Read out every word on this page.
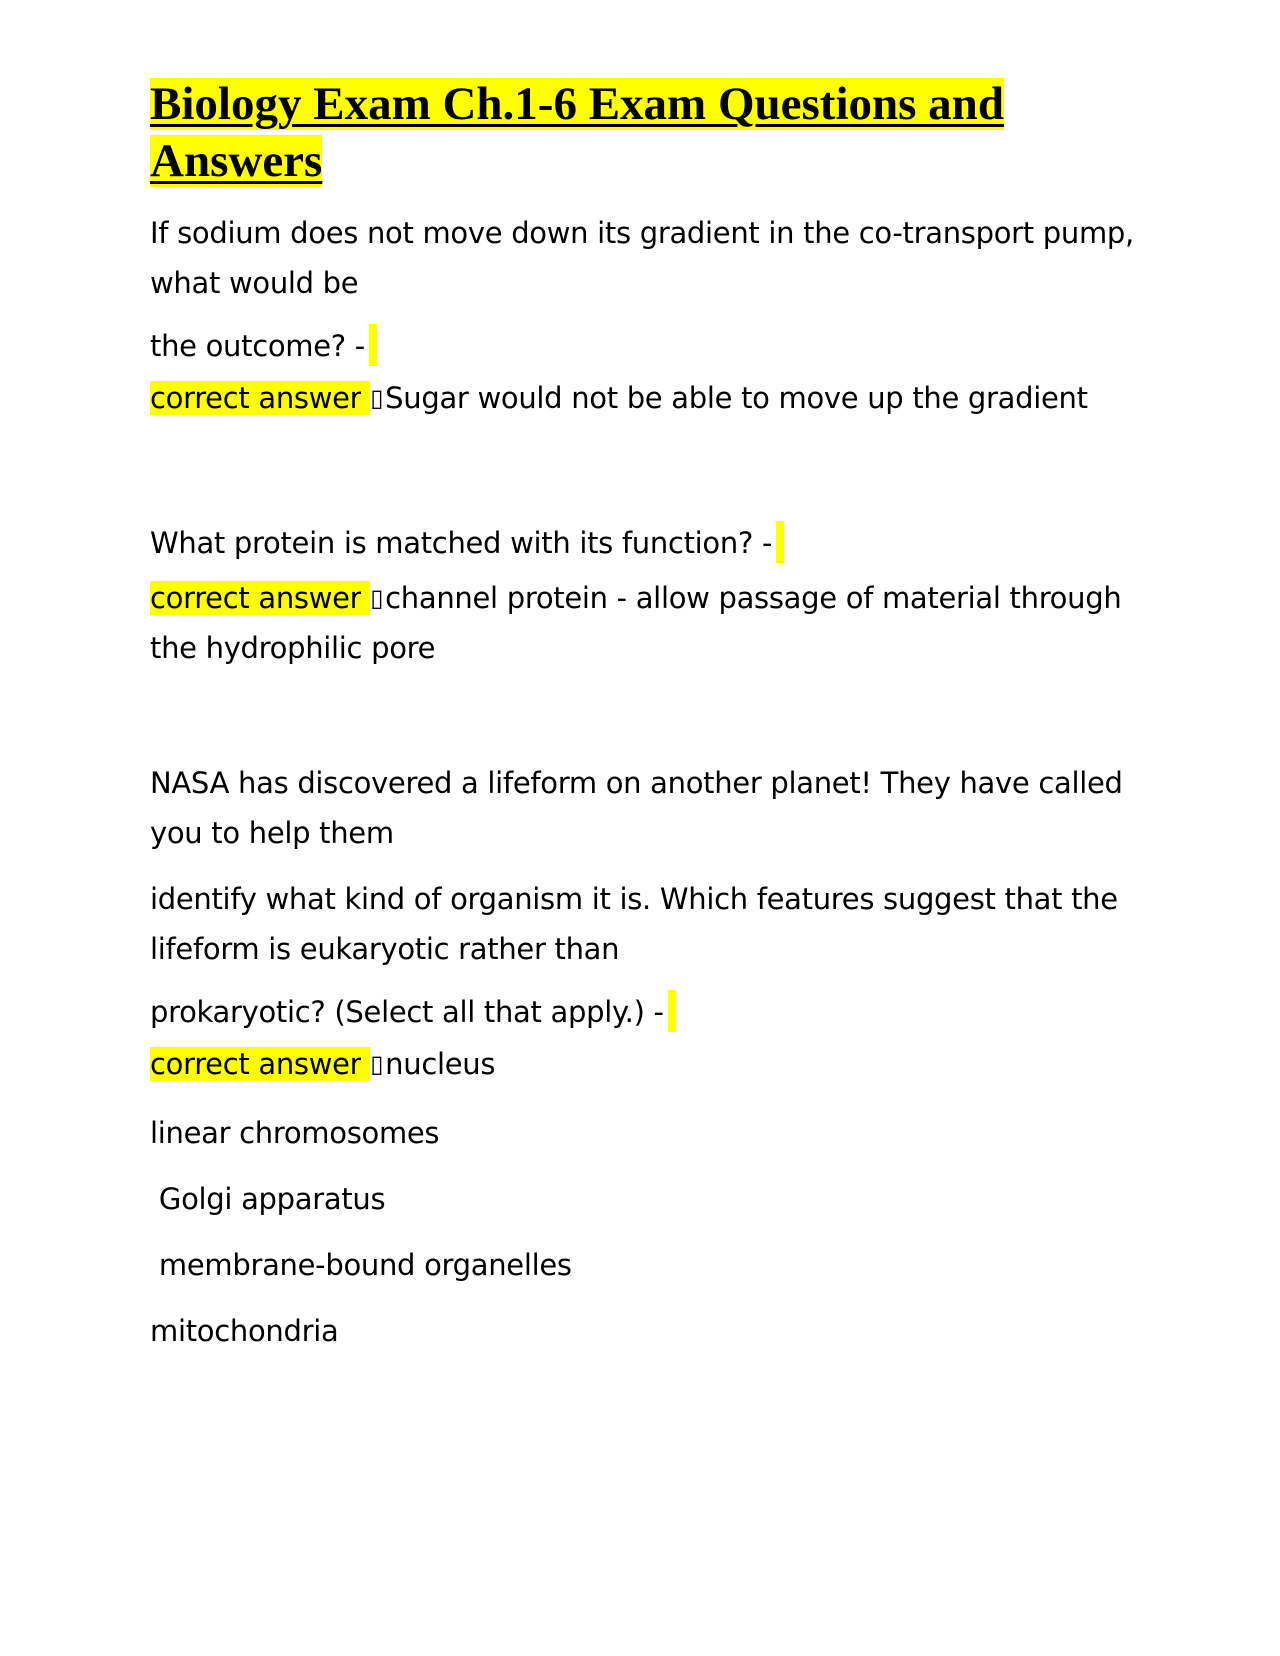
Biology Exam Ch.1-6 Exam Questions and Answers

If sodium does not move down its gradient in the co-transport pump, what would be

the outcome? -

correct answer ▯Sugar would not be able to move up the gradient

What protein is matched with its function? -

correct answer ▯channel protein - allow passage of material through the hydrophilic pore

NASA has discovered a lifeform on another planet! They have called you to help them

identify what kind of organism it is. Which features suggest that the lifeform is eukaryotic rather than

prokaryotic? (Select all that apply.) -

correct answer ▯nucleus

linear chromosomes

Golgi apparatus

membrane-bound organelles

mitochondria
